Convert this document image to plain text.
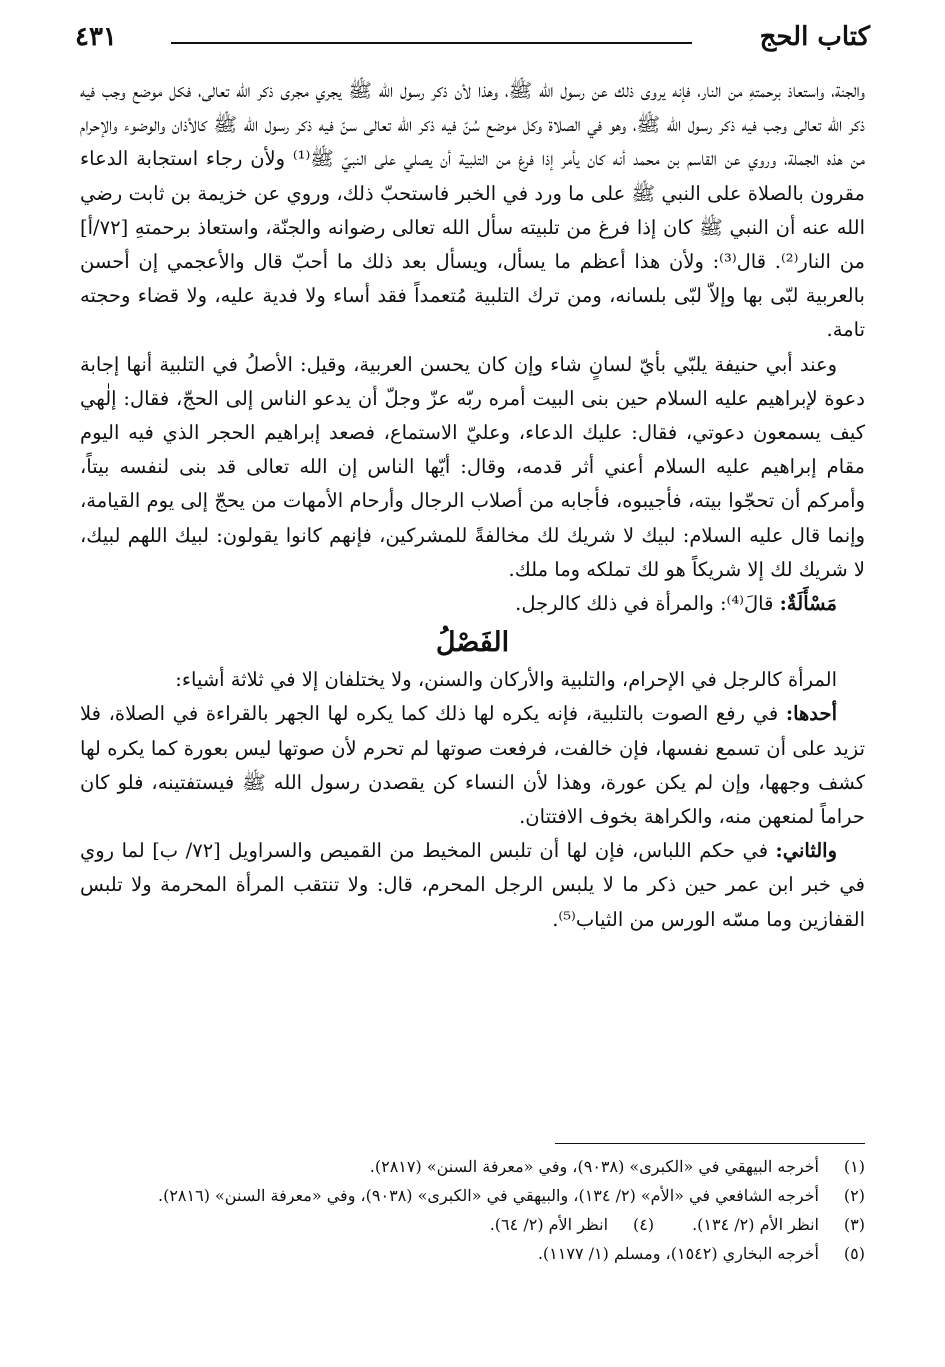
كتاب الحج
٤٣١

والجنة، واستعاذ برحمتهِ من النار، فإنه يروى ذلك عن رسول الله ﷺ، وهذا لأن ذكر رسول الله ﷺ يجري مجرى ذكر الله تعالى، فكل موضع وجب فيه ذكر الله تعالى وجب فيه ذكر رسول الله ﷺ، وهو في الصلاة وكل موضع سُنّ فيه ذكر الله تعالى سنّ فيه ذكر رسول الله ﷺ كالأذان والوضوء والإحرام من هذه الجملة، وروي عن القاسم بن محمد أنه كان يأمر إذا فرغ من التلبية أن يصلي على النبيّ ﷺ⁽¹⁾ ولأن رجاء استجابة الدعاء مقرون بالصلاة على النبي ﷺ على ما ورد في الخبر فاستحبّ ذلك، وروي عن خزيمة بن ثابت رضي الله عنه أن النبي ﷺ كان إذا فرغ من تلبيته سأل الله تعالى رضوانه والجنّة، واستعاذ برحمتهِ [٧٢/أ] من النار⁽²⁾. قال⁽³⁾: ولأن هذا أعظم ما يسأل، ويسأل بعد ذلك ما أحبّ قال والأعجمي إن أحسن بالعربية لبّى بها وإلاّ لبّى بلسانه، ومن ترك التلبية مُتعمداً فقد أساء ولا فدية عليه، ولا قضاء وحجته تامة.

وعند أبي حنيفة يلبّي بأيّ لسانٍ شاء وإن كان يحسن العربية، وقيل: الأصلُ في التلبية أنها إجابة دعوة لإبراهيم عليه السلام حين بنى البيت أمره ربّه عزّ وجلّ أن يدعو الناس إلى الحجّ، فقال: إلٰهي كيف يسمعون دعوتي، فقال: عليك الدعاء، وعليّ الاستماع، فصعد إبراهيم الحجر الذي فيه اليوم مقام إبراهيم عليه السلام أعني أثر قدمه، وقال: أيّها الناس إن الله تعالى قد بنى لنفسه بيتاً، وأمركم أن تحجّوا بيته، فأجيبوه، فأجابه من أصلاب الرجال وأرحام الأمهات من يحجّ إلى يوم القيامة، وإنما قال عليه السلام: لبيك لا شريك لك مخالفةً للمشركين، فإنهم كانوا يقولون: لبيك اللهم لبيك، لا شريك لك إلا شريكاً هو لك تملكه وما ملك.

مَسْأَلَةٌ: قالَ⁽⁴⁾: والمرأة في ذلك كالرجل.

الفَصْلُ

المرأة كالرجل في الإحرام، والتلبية والأركان والسنن، ولا يختلفان إلا في ثلاثة أشياء:

أحدها: في رفع الصوت بالتلبية، فإنه يكره لها ذلك كما يكره لها الجهر بالقراءة في الصلاة، فلا تزيد على أن تسمع نفسها، فإن خالفت، فرفعت صوتها لم تحرم لأن صوتها ليس بعورة كما يكره لها كشف وجهها، وإن لم يكن عورة، وهذا لأن النساء كن يقصدن رسول الله ﷺ فيستفتينه، فلو كان حراماً لمنعهن منه، والكراهة بخوف الافتتان.

والثاني: في حكم اللباس، فإن لها أن تلبس المخيط من القميص والسراويل [٧٢/ ب] لما روي في خبر ابن عمر حين ذكر ما لا يلبس الرجل المحرم، قال: ولا تنتقب المرأة المحرمة ولا تلبس القفازين وما مسّه الورس من الثياب⁽⁵⁾.

(١)
أخرجه البيهقي في «الكبرى» (٩٠٣٨)، وفي «معرفة السنن» (٢٨١٧).
(٢)
أخرجه الشافعي في «الأم» (٢/ ١٣٤)، والبيهقي في «الكبرى» (٩٠٣٨)، وفي «معرفة السنن» (٢٨١٦).
(٣)
انظر الأم (٢/ ١٣٤).
(٤)
انظر الأم (٢/ ٦٤).
(٥)
أخرجه البخاري (١٥٤٢)، ومسلم (١/ ١١٧٧).
